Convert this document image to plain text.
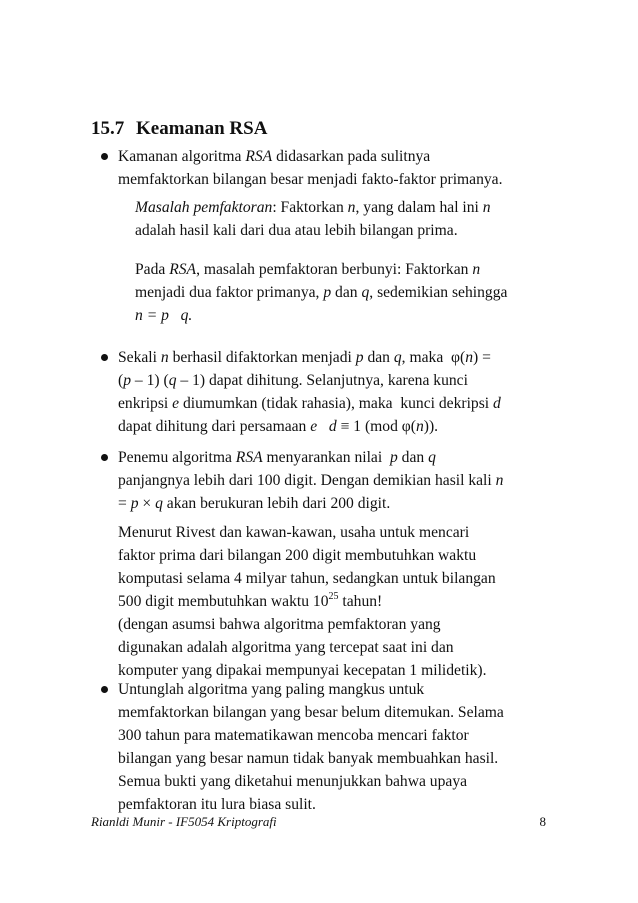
15.7 Keamanan RSA
Kamanan algoritma RSA didasarkan pada sulitnya
memfaktorkan bilangan besar menjadi fakto-faktor primanya.
Masalah pemfaktoran: Faktorkan n, yang dalam hal ini n
adalah hasil kali dari dua atau lebih bilangan prima.
Pada RSA, masalah pemfaktoran berbunyi: Faktorkan n
menjadi dua faktor primanya, p dan q, sedemikian sehingga
n = p   q.
Sekali n berhasil difaktorkan menjadi p dan q, maka  φ(n) =
(p – 1) (q – 1) dapat dihitung. Selanjutnya, karena kunci
enkripsi e diumumkan (tidak rahasia), maka  kunci dekripsi d
dapat dihitung dari persamaan e   d ≡ 1 (mod φ(n)).
Penemu algoritma RSA menyarankan nilai  p dan q
panjangnya lebih dari 100 digit. Dengan demikian hasil kali n
= p × q akan berukuran lebih dari 200 digit.
Menurut Rivest dan kawan-kawan, usaha untuk mencari
faktor prima dari bilangan 200 digit membutuhkan waktu
komputasi selama 4 milyar tahun, sedangkan untuk bilangan
500 digit membutuhkan waktu $10^{25}$ tahun!
(dengan asumsi bahwa algoritma pemfaktoran yang
digunakan adalah algoritma yang tercepat saat ini dan
komputer yang dipakai mempunyai kecepatan 1 milidetik).
Untunglah algoritma yang paling mangkus untuk
memfaktorkan bilangan yang besar belum ditemukan. Selama
300 tahun para matematikawan mencoba mencari faktor
bilangan yang besar namun tidak banyak membuahkan hasil.
Semua bukti yang diketahui menunjukkan bahwa upaya
pemfaktoran itu lura biasa sulit.
Rianldi Munir - IF5054 Kriptografi	8
